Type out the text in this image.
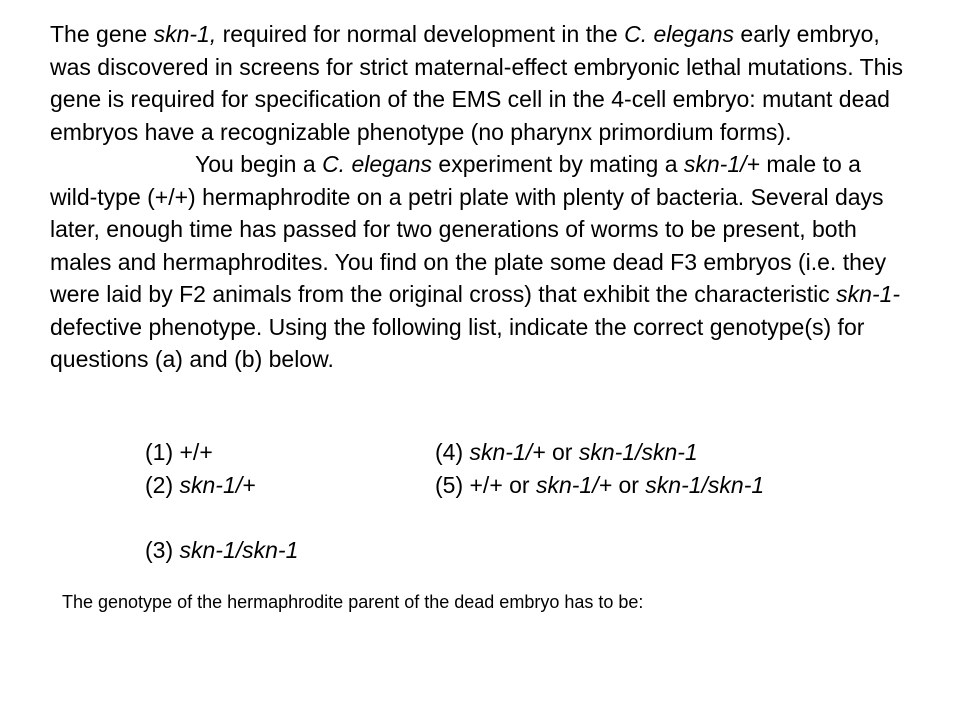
The gene skn-1, required for normal development in the C. elegans early embryo, was discovered in screens for strict maternal-effect embryonic lethal mutations. This gene is required for specification of the EMS cell in the 4-cell embryo: mutant dead embryos have a recognizable phenotype (no pharynx primordium forms).

You begin a C. elegans experiment by mating a skn-1/+ male to a wild-type (+/+) hermaphrodite on a petri plate with plenty of bacteria. Several days later, enough time has passed for two generations of worms to be present, both males and hermaphrodites. You find on the plate some dead F3 embryos (i.e. they were laid by F2 animals from the original cross) that exhibit the characteristic skn-1- defective phenotype. Using the following list, indicate the correct genotype(s) for questions (a) and (b) below.

(1) +/+	(4) skn-1/+ or skn-1/skn-1
(2) skn-1/+	(5) +/+ or skn-1/+ or skn-1/skn-1
(3) skn-1/skn-1
The genotype of the hermaphrodite parent of the dead embryo has to be:
